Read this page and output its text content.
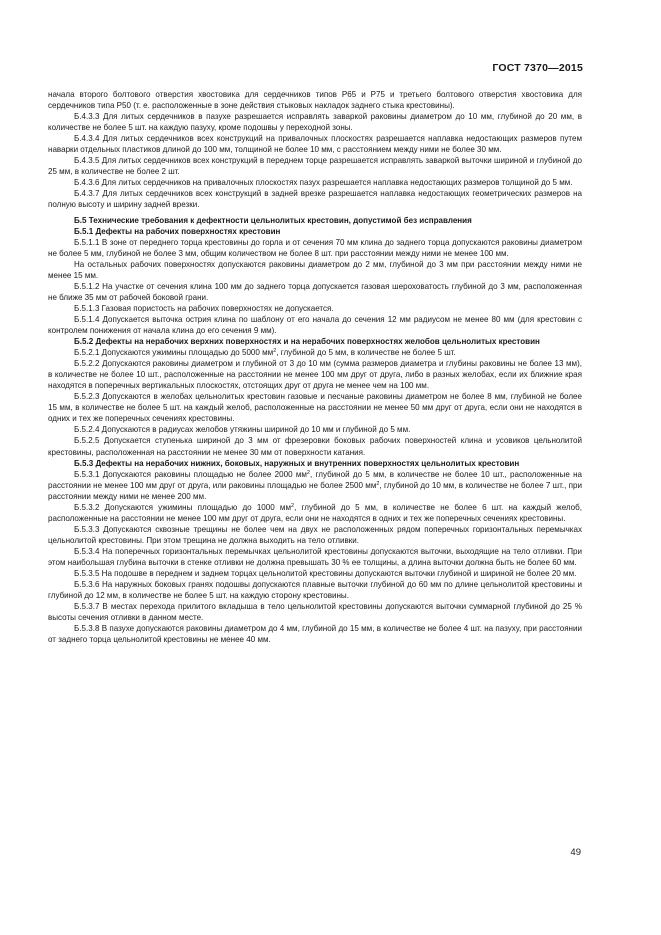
ГОСТ 7370—2015

начала второго болтового отверстия хвостовика для сердечников типов Р65 и Р75 и третьего болтового отверстия хвостовика для сердечников типа Р50 (т. е. расположенные в зоне действия стыковых накладок заднего стыка крестовины).

Б.4.3.3 Для литых сердечников в пазухе разрешается исправлять заваркой раковины диаметром до 10 мм, глубиной до 20 мм, в количестве не более 5 шт. на каждую пазуху, кроме подошвы у переходной зоны.

Б.4.3.4 Для литых сердечников всех конструкций на привалочных плоскостях разрешается наплавка недостающих размеров путем наварки отдельных пластиков длиной до 100 мм, толщиной не более 10 мм, с расстоянием между ними не более 30 мм.

Б.4.3.5 Для литых сердечников всех конструкций в переднем торце разрешается исправлять заваркой выточки шириной и глубиной до 25 мм, в количестве не более 2 шт.

Б.4.3.6 Для литых сердечников на привалочных плоскостях пазух разрешается наплавка недостающих размеров толщиной до 5 мм.

Б.4.3.7 Для литых сердечников всех конструкций в задней врезке разрешается наплавка недостающих геометрических размеров на полную высоту и ширину задней врезки.

Б.5 Технические требования к дефектности цельнолитых крестовин, допустимой без исправления

Б.5.1 Дефекты на рабочих поверхностях крестовин

Б.5.1.1 В зоне от переднего торца крестовины до горла и от сечения 70 мм клина до заднего торца допускаются раковины диаметром не более 5 мм, глубиной не более 3 мм, общим количеством не более 8 шт. при расстоянии между ними не менее 100 мм.

На остальных рабочих поверхностях допускаются раковины диаметром до 2 мм, глубиной до 3 мм при расстоянии между ними не менее 15 мм.

Б.5.1.2 На участке от сечения клина 100 мм до заднего торца допускается газовая шероховатость глубиной до 3 мм, расположенная не ближе 35 мм от рабочей боковой грани.

Б.5.1.3 Газовая пористость на рабочих поверхностях не допускается.

Б.5.1.4 Допускается выточка острия клина по шаблону от его начала до сечения 12 мм радиусом не менее 80 мм (для крестовин с контролем понижения от начала клина до его сечения 9 мм).

Б.5.2 Дефекты на нерабочих верхних поверхностях и на нерабочих поверхностях желобов цельнолитых крестовин

Б.5.2.1 Допускаются ужимины площадью до 5000 $мм^2$, глубиной до 5 мм, в количестве не более 5 шт.

Б.5.2.2 Допускаются раковины диаметром и глубиной от 3 до 10 мм (сумма размеров диаметра и глубины раковины не более 13 мм), в количестве не более 10 шт., расположенные на расстоянии не менее 100 мм друг от друга, либо в разных желобах, если их ближние края находятся в поперечных вертикальных плоскостях, отстоящих друг от друга не менее чем на 100 мм.

Б.5.2.3 Допускаются в желобах цельнолитых крестовин газовые и песчаные раковины диаметром не более 8 мм, глубиной не более 15 мм, в количестве не более 5 шт. на каждый желоб, расположенные на расстоянии не менее 50 мм друг от друга, если они не находятся в одних и тех же поперечных сечениях крестовины.

Б.5.2.4 Допускаются в радиусах желобов утяжины шириной до 10 мм и глубиной до 5 мм.

Б.5.2.5 Допускается ступенька шириной до 3 мм от фрезеровки боковых рабочих поверхностей клина и усовиков цельнолитой крестовины, расположенная на расстоянии не менее 30 мм от поверхности катания.

Б.5.3 Дефекты на нерабочих нижних, боковых, наружных и внутренних поверхностях цельнолитых крестовин

Б.5.3.1 Допускаются раковины площадью не более 2000 $мм^2$, глубиной до 5 мм, в количестве не более 10 шт., расположенные на расстоянии не менее 100 мм друг от друга, или раковины площадью не более 2500 $мм^2$, глубиной до 10 мм, в количестве не более 7 шт., при расстоянии между ними не менее 200 мм.

Б.5.3.2 Допускаются ужимины площадью до 1000 $мм^2$, глубиной до 5 мм, в количестве не более 6 шт. на каждый желоб, расположенные на расстоянии не менее 100 мм друг от друга, если они не находятся в одних и тех же поперечных сечениях крестовины.

Б.5.3.3 Допускаются сквозные трещины не более чем на двух не расположенных рядом поперечных горизонтальных перемычках цельнолитой крестовины. При этом трещина не должна выходить на тело отливки.

Б.5.3.4 На поперечных горизонтальных перемычках цельнолитой крестовины допускаются выточки, выходящие на тело отливки. При этом наибольшая глубина выточки в стенке отливки не должна превышать 30 % ее толщины, а длина выточки должна быть не более 60 мм.

Б.5.3.5 На подошве в переднем и заднем торцах цельнолитой крестовины допускаются выточки глубиной и шириной не более 20 мм.

Б.5.3.6 На наружных боковых гранях подошвы допускаются плавные выточки глубиной до 60 мм по длине цельнолитой крестовины и глубиной до 12 мм, в количестве не более 5 шт. на каждую сторону крестовины.

Б.5.3.7 В местах перехода прилитого вкладыша в тело цельнолитой крестовины допускаются выточки суммарной глубиной до 25 % высоты сечения отливки в данном месте.

Б.5.3.8 В пазухе допускаются раковины диаметром до 4 мм, глубиной до 15 мм, в количестве не более 4 шт. на пазуху, при расстоянии от заднего торца цельнолитой крестовины не менее 40 мм.

49
